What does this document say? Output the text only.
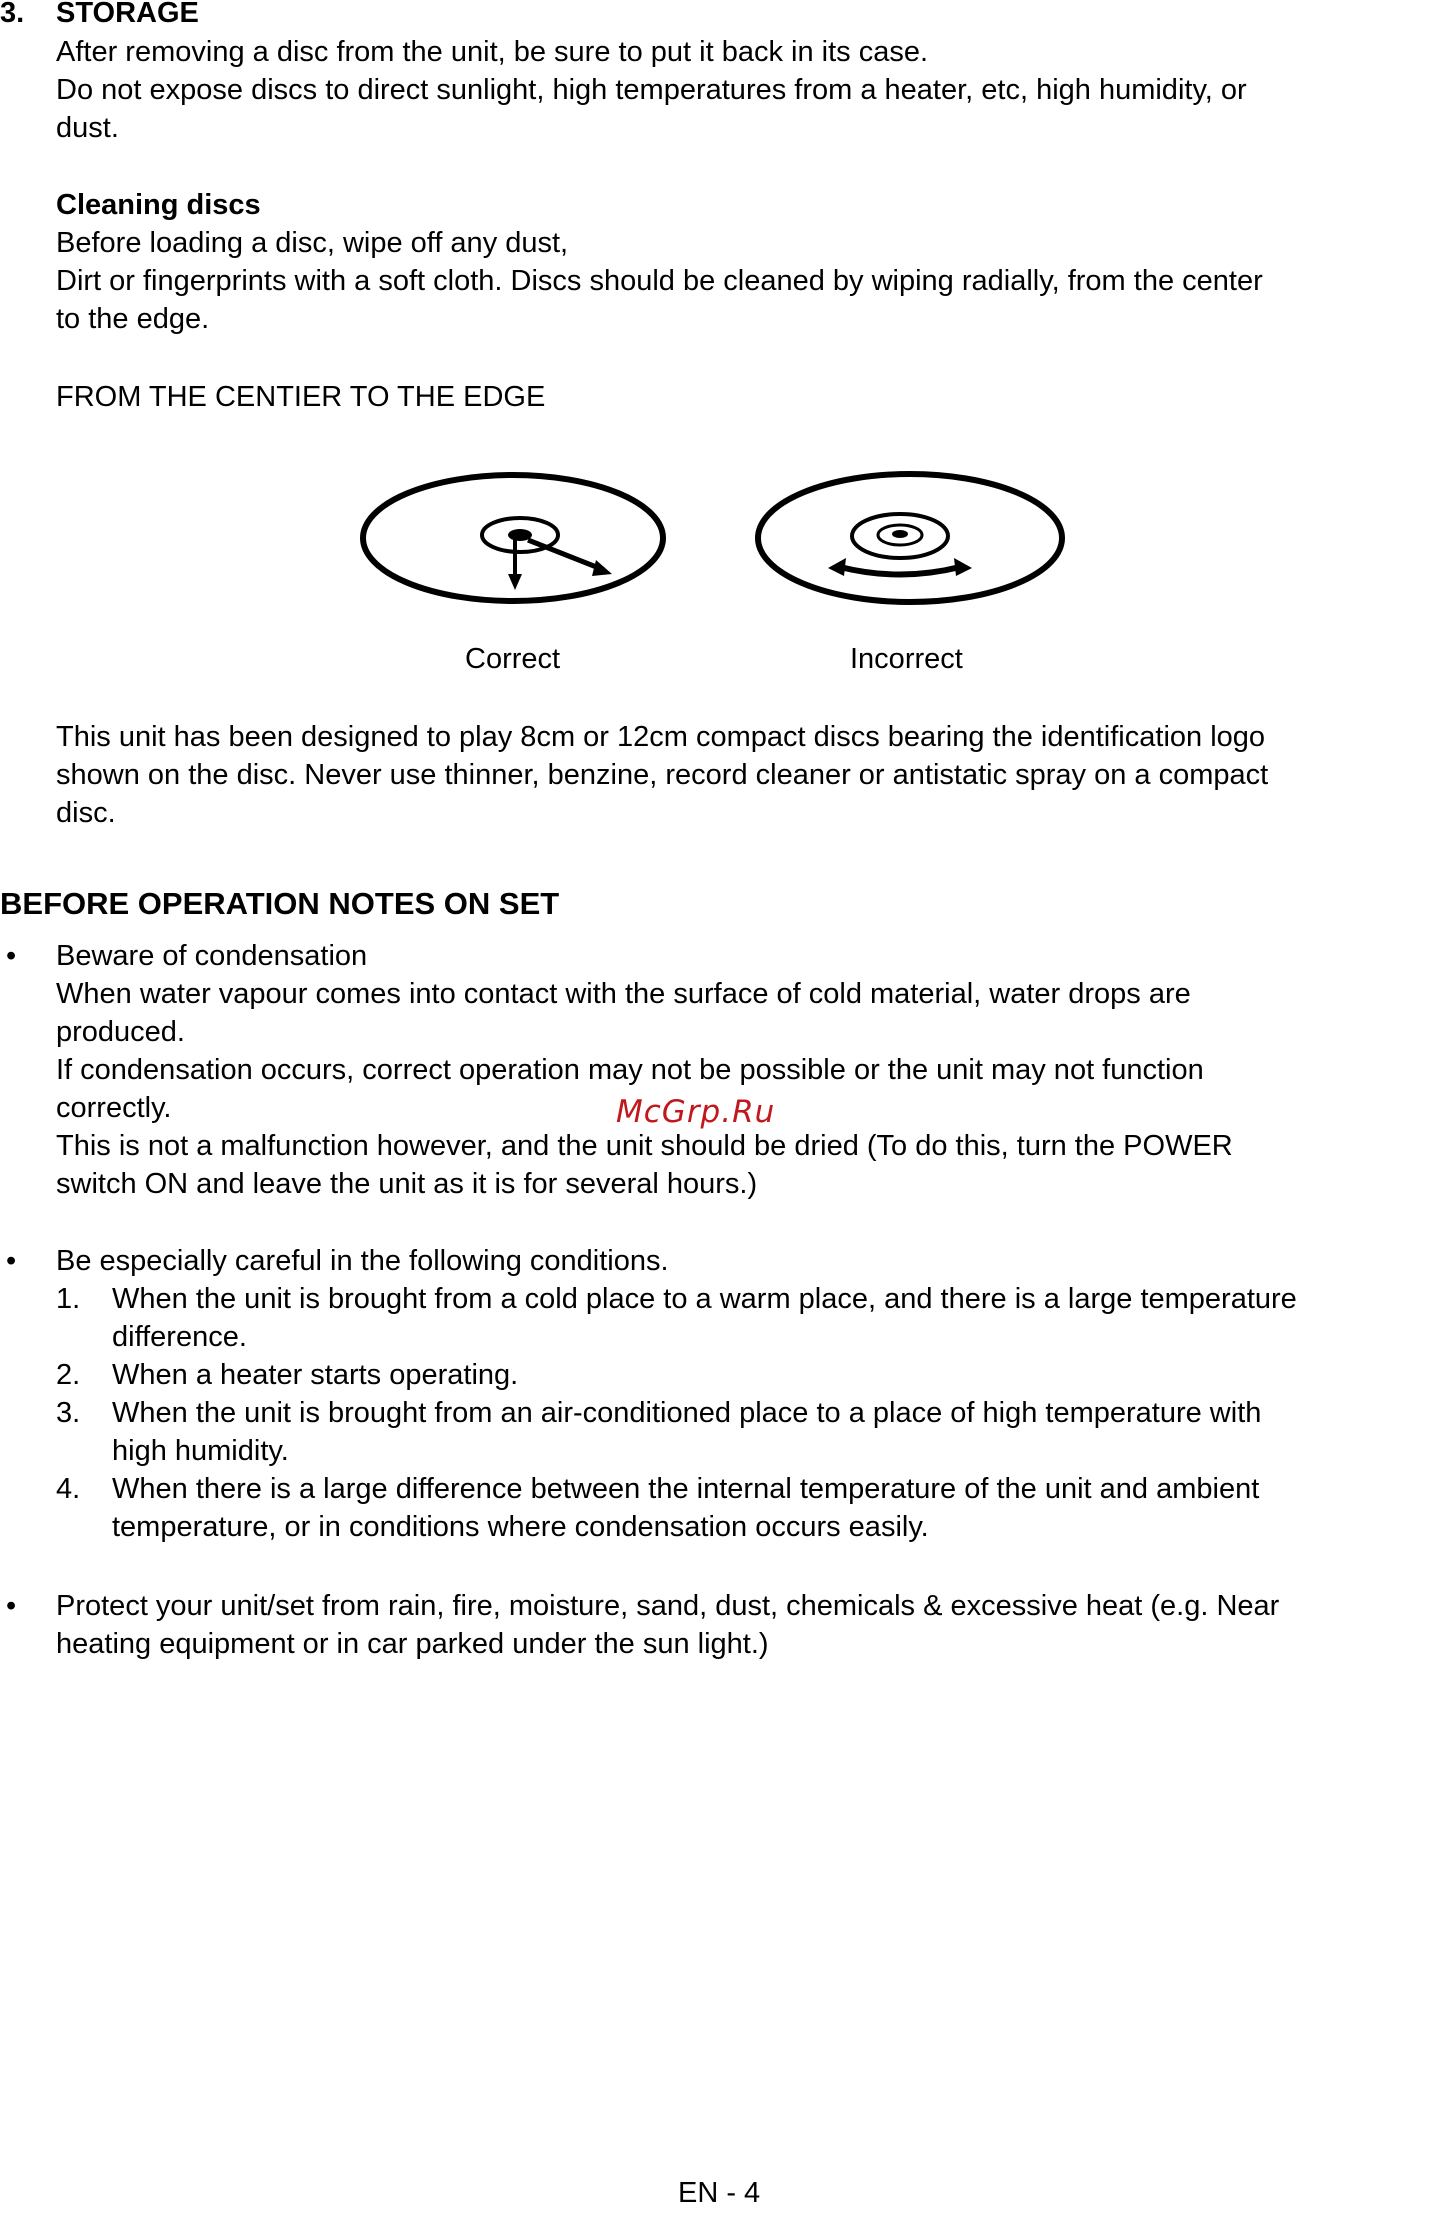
3. STORAGE
After removing a disc from the unit, be sure to put it back in its case.
Do not expose discs to direct sunlight, high temperatures from a heater, etc, high humidity, or
dust.
Cleaning discs
Before loading a disc, wipe off any dust,
Dirt or fingerprints with a soft cloth. Discs should be cleaned by wiping radially, from the center
to the edge.
FROM THE CENTIER TO THE EDGE
Correct	Incorrect
This unit has been designed to play 8cm or 12cm compact discs bearing the identification logo
shown on the disc. Never use thinner, benzine, record cleaner or antistatic spray on a compact
disc.
BEFORE OPERATION NOTES ON SET
• Beware of condensation
When water vapour comes into contact with the surface of cold material, water drops are
produced.
If condensation occurs, correct operation may not be possible or the unit may not function
correctly.	McGrp.Ru
This is not a malfunction however, and the unit should be dried (To do this, turn the POWER
switch ON and leave the unit as it is for several hours.)
• Be especially careful in the following conditions.
1. When the unit is brought from a cold place to a warm place, and there is a large temperature
difference.
2. When a heater starts operating.
3. When the unit is brought from an air-conditioned place to a place of high temperature with
high humidity.
4. When there is a large difference between the internal temperature of the unit and ambient
temperature, or in conditions where condensation occurs easily.
• Protect your unit/set from rain, fire, moisture, sand, dust, chemicals & excessive heat (e.g. Near
heating equipment or in car parked under the sun light.)
EN - 4
